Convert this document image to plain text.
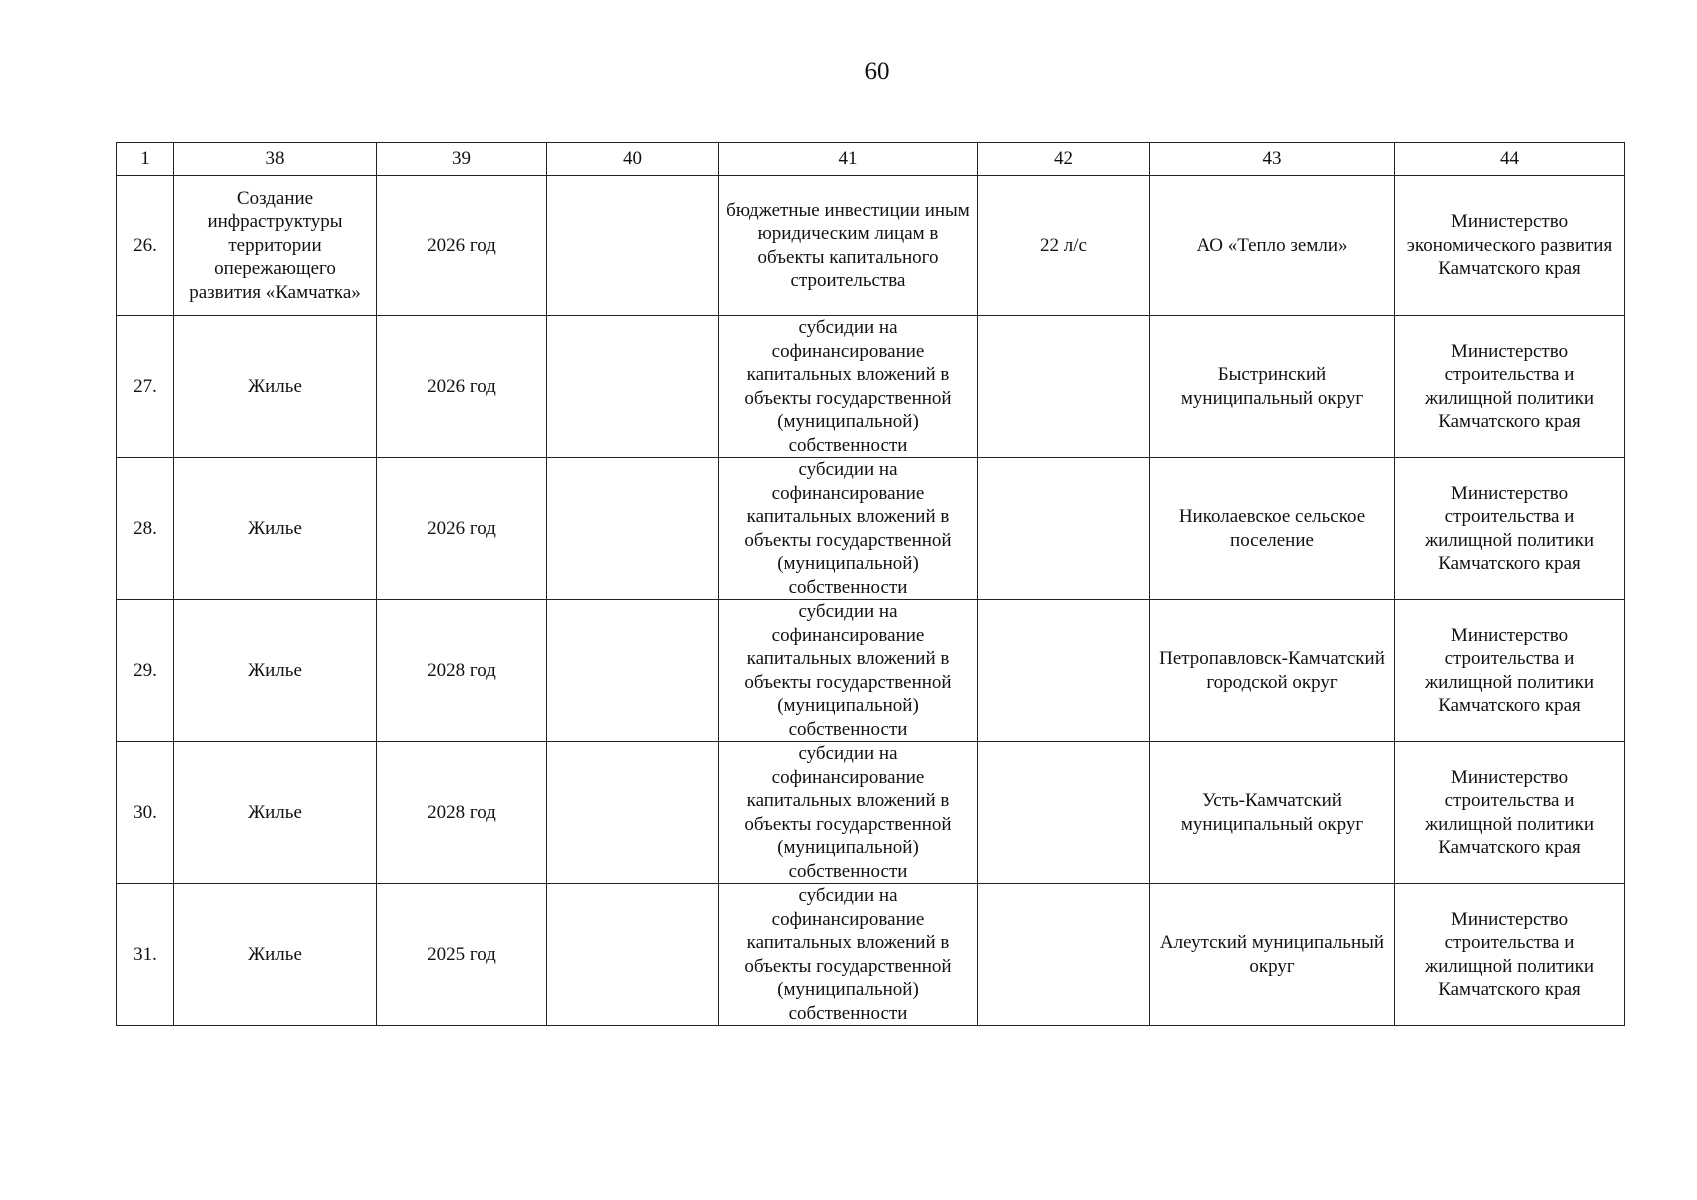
60
1	38	39	40	41	42	43	44
26.	Создание инфраструктуры территории опережающего развития «Камчатка»	2026 год		бюджетные инвестиции иным юридическим лицам в объекты капитального строительства	22 л/с	АО «Тепло земли»	Министерство экономического развития Камчатского края
27.	Жилье	2026 год		субсидии на софинансирование капитальных вложений в объекты государственной (муниципальной) собственности		Быстринский муниципальный округ	Министерство строительства и жилищной политики Камчатского края
28.	Жилье	2026 год		субсидии на софинансирование капитальных вложений в объекты государственной (муниципальной) собственности		Николаевское сельское поселение	Министерство строительства и жилищной политики Камчатского края
29.	Жилье	2028 год		субсидии на софинансирование капитальных вложений в объекты государственной (муниципальной) собственности		Петропавловск-Камчатский городской округ	Министерство строительства и жилищной политики Камчатского края
30.	Жилье	2028 год		субсидии на софинансирование капитальных вложений в объекты государственной (муниципальной) собственности		Усть-Камчатский муниципальный округ	Министерство строительства и жилищной политики Камчатского края
31.	Жилье	2025 год		субсидии на софинансирование капитальных вложений в объекты государственной (муниципальной) собственности		Алеутский муниципальный округ	Министерство строительства и жилищной политики Камчатского края
